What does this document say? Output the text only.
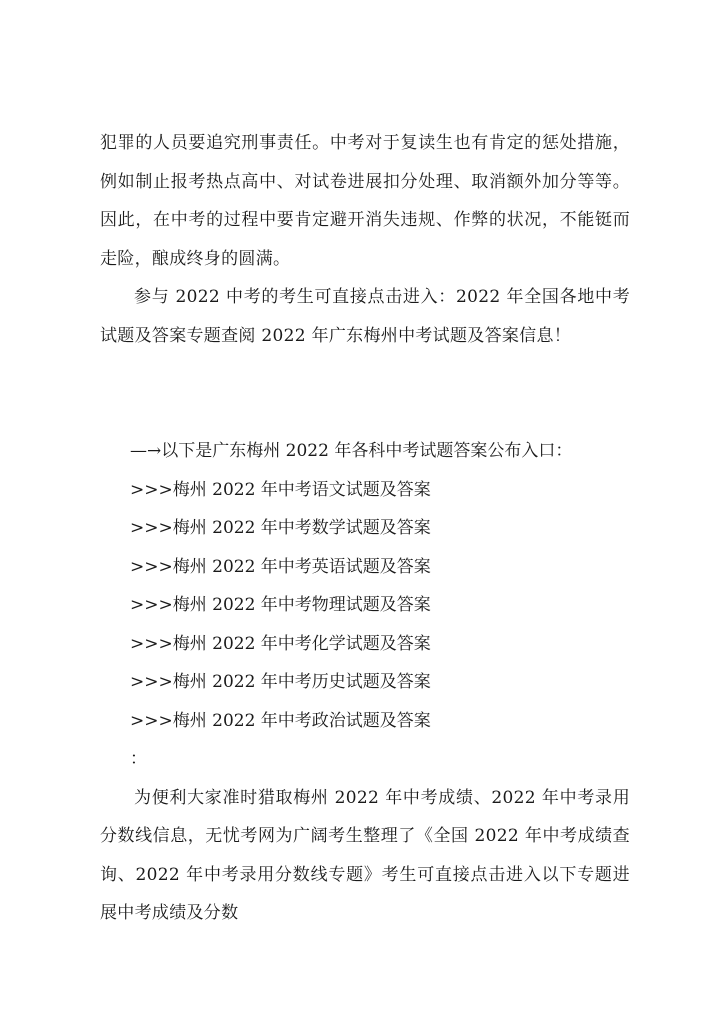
犯罪的人员要追究刑事责任。中考对于复读生也有肯定的惩处措施，例如制止报考热点高中、对试卷进展扣分处理、取消额外加分等等。因此，在中考的过程中要肯定避开消失违规、作弊的状况，不能铤而走险，酿成终身的圆满。

参与 2022 中考的考生可直接点击进入：2022 年全国各地中考试题及答案专题查阅 2022 年广东梅州中考试题及答案信息！

—→以下是广东梅州 2022 年各科中考试题答案公布入口：

>>>梅州 2022 年中考语文试题及答案
>>>梅州 2022 年中考数学试题及答案
>>>梅州 2022 年中考英语试题及答案
>>>梅州 2022 年中考物理试题及答案
>>>梅州 2022 年中考化学试题及答案
>>>梅州 2022 年中考历史试题及答案
>>>梅州 2022 年中考政治试题及答案

：

为便利大家准时猎取梅州 2022 年中考成绩、2022 年中考录用分数线信息，无忧考网为广阔考生整理了《全国 2022 年中考成绩查询、2022 年中考录用分数线专题》考生可直接点击进入以下专题进展中考成绩及分数
